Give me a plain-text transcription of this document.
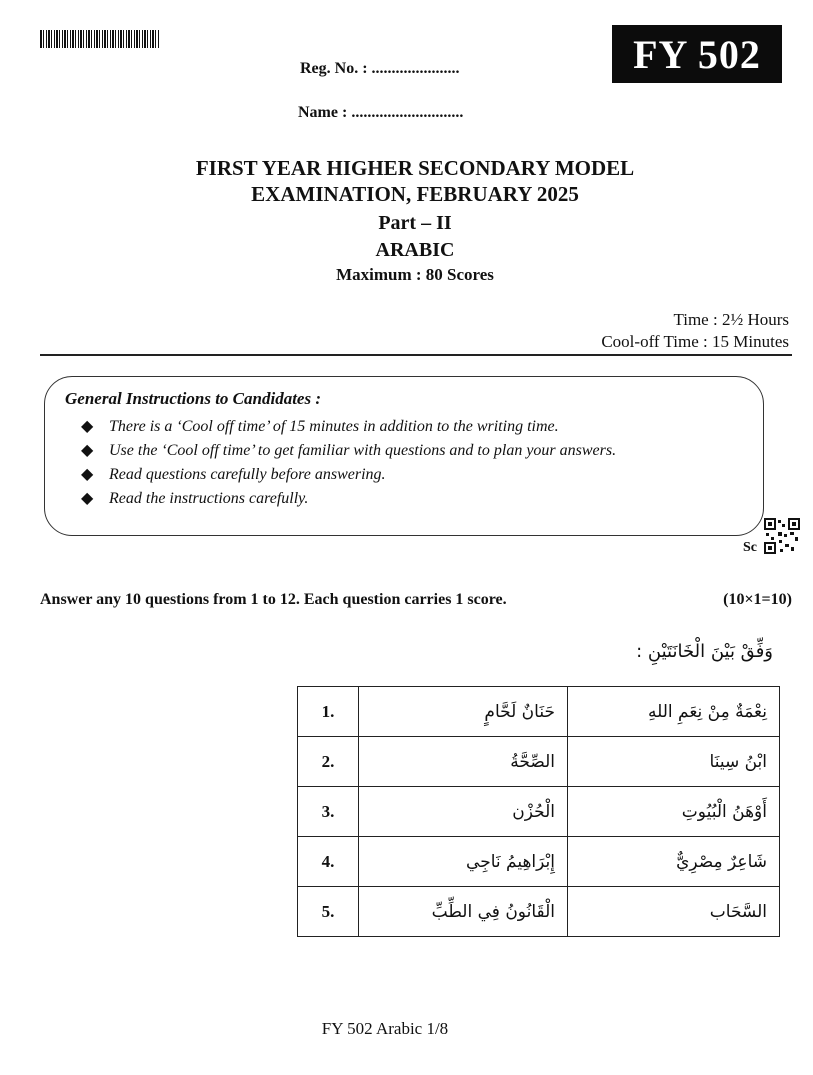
FY 502
Reg. No. : ......................
Name : ............................
FIRST YEAR HIGHER SECONDARY MODEL
EXAMINATION, FEBRUARY 2025
Part – II
ARABIC
Maximum : 80 Scores
Time : 2½ Hours
Cool-off Time : 15 Minutes
General Instructions to Candidates :
◆ There is a ‘Cool off time’ of 15 minutes in addition to the writing time.
◆ Use the ‘Cool off time’ to get familiar with questions and to plan your answers.
◆ Read questions carefully before answering.
◆ Read the instructions carefully.
Sc
Answer any 10 questions from 1 to 12. Each question carries 1 score.	(10×1=10)
وَفِّقْ بَيْنَ الْخَانَتَيْنِ :
1.	حَنَانٌ لَحَّامٍ	نِعْمَةٌ مِنْ نِعَمِ اللهِ
2.	الصِّحَّةُ	ابْنُ سِينَا
3.	الْحُزْن	أَوْهَنُ الْبُيُوتِ
4.	إِبْرَاهِيمُ نَاجِي	شَاعِرٌ مِصْرِيٌّ
5.	الْقَانُونُ فِي الطِّبِّ	السَّحَاب
FY 502 Arabic 1/8
